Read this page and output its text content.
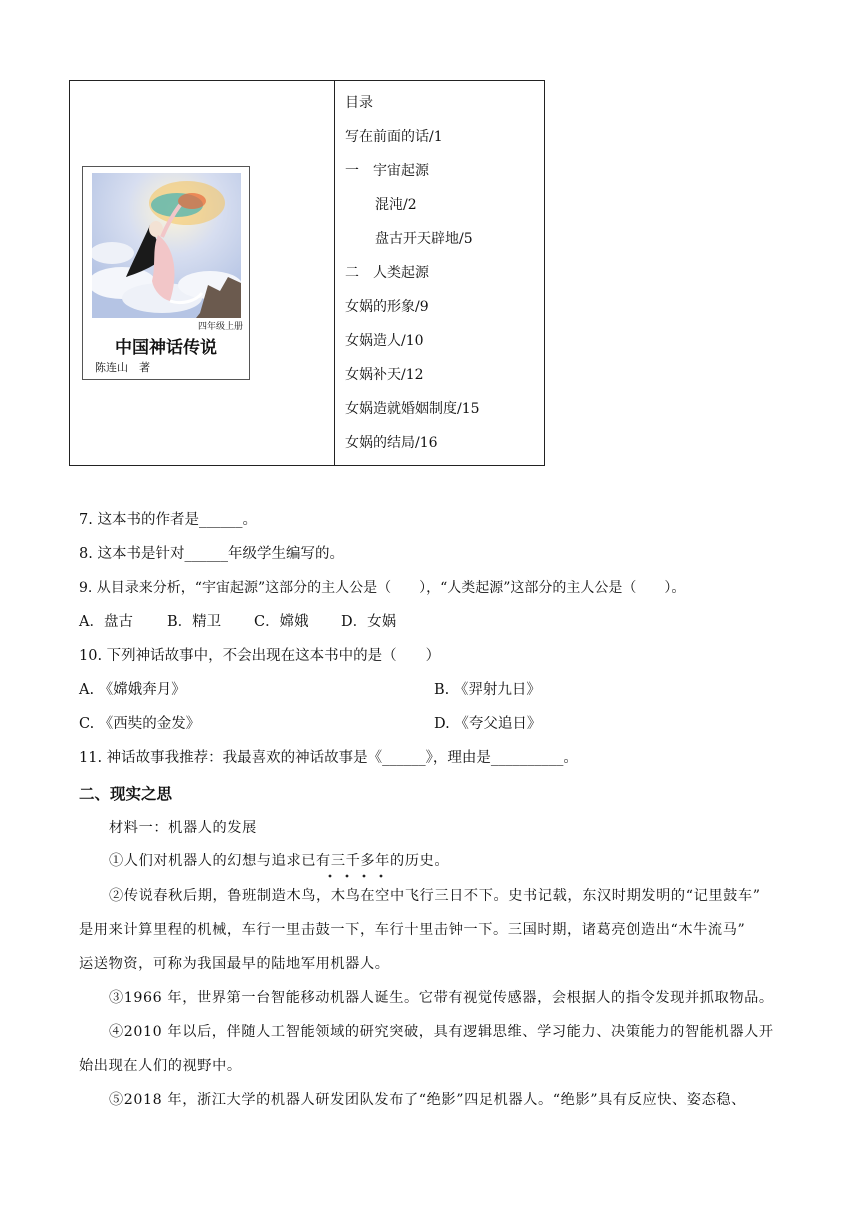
四年级上册
中国神话传说
陈连山　著
目录
写在前面的话/1
一　宇宙起源
混沌/2
盘古开天辟地/5
二　人类起源
女娲的形象/9
女娲造人/10
女娲补天/12
女娲造就婚姻制度/15
女娲的结局/16
7. 这本书的作者是______。
8. 这本书是针对______年级学生编写的。
9. 从目录来分析，“宇宙起源”这部分的主人公是（　　），“人类起源”这部分的主人公是（　　）。
A．盘古 B．精卫 C．嫦娥 D．女娲
10. 下列神话故事中，不会出现在这本书中的是（　　）
A. 《嫦娥奔月》	B. 《羿射九日》
C. 《西奘的金发》	D. 《夸父追日》
11. 神话故事我推荐：我最喜欢的神话故事是《______》，理由是__________。
二、现实之思
材料一：机器人的发展
①人们对机器人的幻想与追求已有三千多年的历史。
②传说春秋后期，鲁班制造木鸟，木鸟在空中飞行三日不下。史书记载，东汉时期发明的“记里鼓车”
是用来计算里程的机械，车行一里击鼓一下，车行十里击钟一下。三国时期，诸葛亮创造出“木牛流马”
运送物资，可称为我国最早的陆地军用机器人。
③1966 年，世界第一台智能移动机器人诞生。它带有视觉传感器，会根据人的指令发现并抓取物品。
④2010 年以后，伴随人工智能领域的研究突破，具有逻辑思维、学习能力、决策能力的智能机器人开
始出现在人们的视野中。
⑤2018 年，浙江大学的机器人研发团队发布了“绝影”四足机器人。“绝影”具有反应快、姿态稳、
